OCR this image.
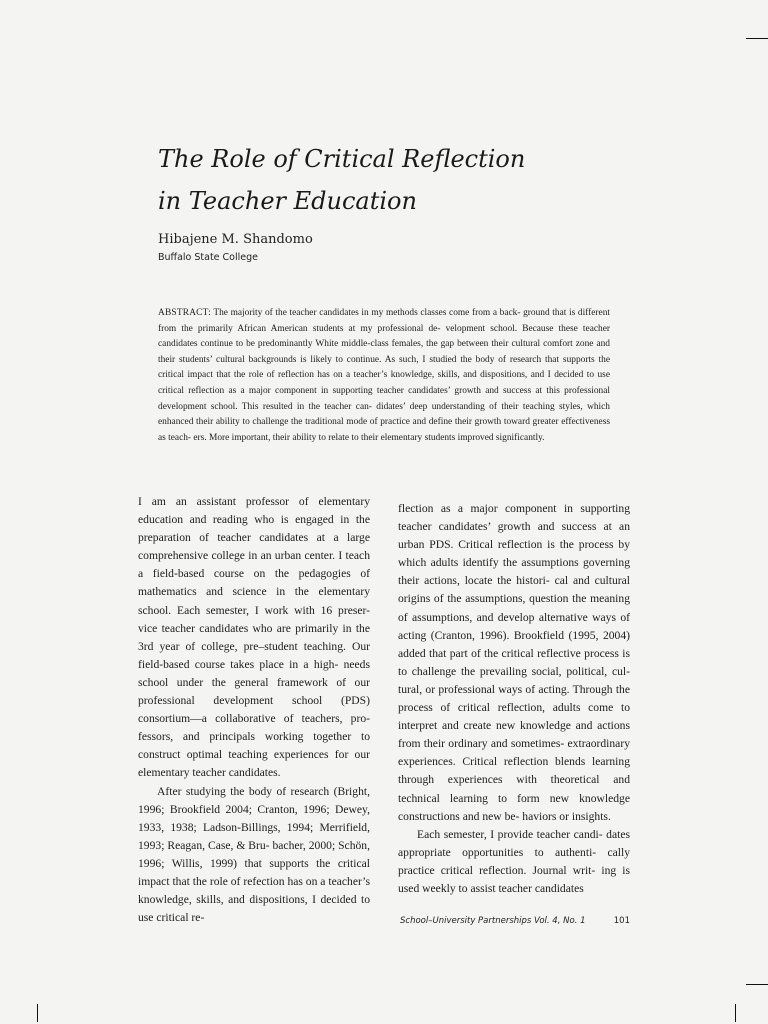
The Role of Critical Reflection
in Teacher Education
Hibajene M. Shandomo
Buffalo State College
ABSTRACT: The majority of the teacher candidates in my methods classes come from a back- ground that is different from the primarily African American students at my professional de- velopment school. Because these teacher candidates continue to be predominantly White middle-class females, the gap between their cultural comfort zone and their students’ cultural backgrounds is likely to continue. As such, I studied the body of research that supports the critical impact that the role of reflection has on a teacher’s knowledge, skills, and dispositions, and I decided to use critical reflection as a major component in supporting teacher candidates’ growth and success at this professional development school. This resulted in the teacher can- didates’ deep understanding of their teaching styles, which enhanced their ability to challenge the traditional mode of practice and define their growth toward greater effectiveness as teach- ers. More important, their ability to relate to their elementary students improved significantly.

I am an assistant professor of elementary education and reading who is engaged in the preparation of teacher candidates at a large comprehensive college in an urban center. I teach a field-based course on the pedagogies of mathematics and science in the elementary school. Each semester, I work with 16 preser- vice teacher candidates who are primarily in the 3rd year of college, pre–student teaching. Our field-based course takes place in a high- needs school under the general framework of our professional development school (PDS) consortium—a collaborative of teachers, pro- fessors, and principals working together to construct optimal teaching experiences for our elementary teacher candidates.

After studying the body of research (Bright, 1996; Brookfield 2004; Cranton, 1996; Dewey, 1933, 1938; Ladson-Billings, 1994; Merrifield, 1993; Reagan, Case, & Bru- bacher, 2000; Schön, 1996; Willis, 1999) that supports the critical impact that the role of refection has on a teacher’s knowledge, skills, and dispositions, I decided to use critical re-

flection as a major component in supporting teacher candidates’ growth and success at an urban PDS. Critical reflection is the process by which adults identify the assumptions governing their actions, locate the histori- cal and cultural origins of the assumptions, question the meaning of assumptions, and develop alternative ways of acting (Cranton, 1996). Brookfield (1995, 2004) added that part of the critical reflective process is to challenge the prevailing social, political, cul- tural, or professional ways of acting. Through the process of critical reflection, adults come to interpret and create new knowledge and actions from their ordinary and sometimes- extraordinary experiences. Critical reflection blends learning through experiences with theoretical and technical learning to form new knowledge constructions and new be- haviors or insights.

Each semester, I provide teacher candi- dates appropriate opportunities to authenti- cally practice critical reflection. Journal writ- ing is used weekly to assist teacher candidates

School–University Partnerships Vol. 4, No. 1	101
